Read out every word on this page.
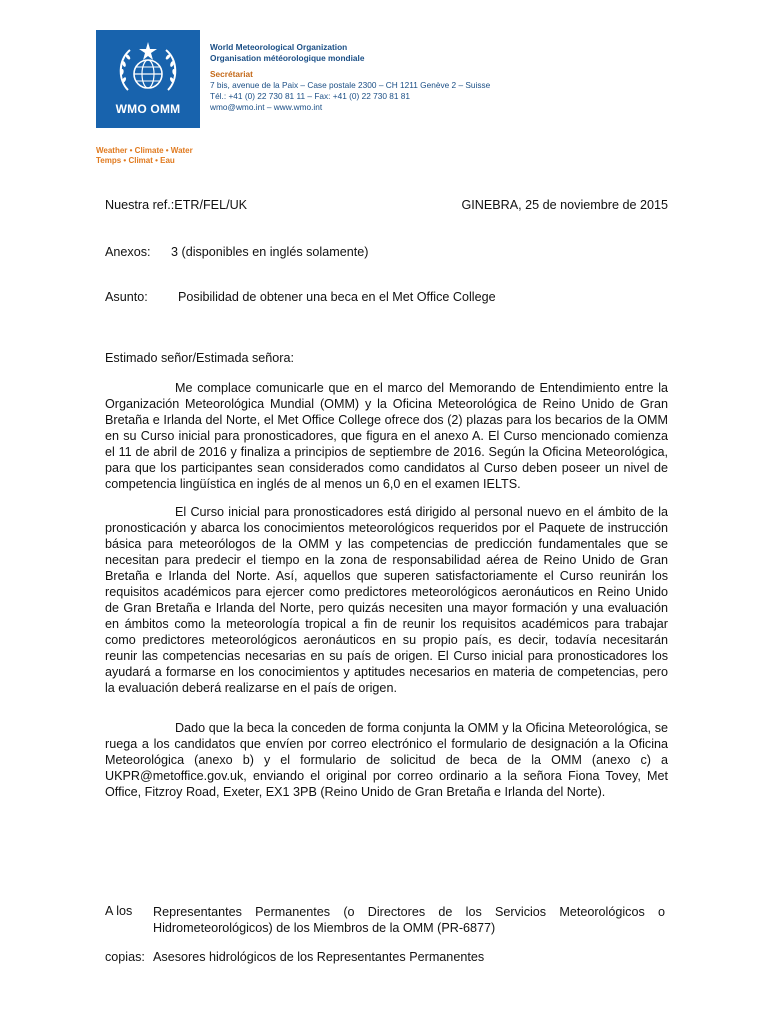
WMO OMM
Weather • Climate • Water
Temps • Climat • Eau
World Meteorological Organization
Organisation météorologique mondiale
Secrétariat
7 bis, avenue de la Paix – Case postale 2300 – CH 1211 Genève 2 – Suisse
Tél.: +41 (0) 22 730 81 11 – Fax: +41 (0) 22 730 81 81
wmo@wmo.int – www.wmo.int
Nuestra ref.:ETR/FEL/UK	GINEBRA, 25 de noviembre de 2015
Anexos: 3 (disponibles en inglés solamente)
Asunto: Posibilidad de obtener una beca en el Met Office College
Estimado señor/Estimada señora:
Me complace comunicarle que en el marco del Memorando de Entendimiento entre la Organización Meteorológica Mundial (OMM) y la Oficina Meteorológica de Reino Unido de Gran Bretaña e Irlanda del Norte, el Met Office College ofrece dos (2) plazas para los becarios de la OMM en su Curso inicial para pronosticadores, que figura en el anexo A. El Curso mencionado comienza el 11 de abril de 2016 y finaliza a principios de septiembre de 2016. Según la Oficina Meteorológica, para que los participantes sean considerados como candidatos al Curso deben poseer un nivel de competencia lingüística en inglés de al menos un 6,0 en el examen IELTS.
El Curso inicial para pronosticadores está dirigido al personal nuevo en el ámbito de la pronosticación y abarca los conocimientos meteorológicos requeridos por el Paquete de instrucción básica para meteorólogos de la OMM y las competencias de predicción fundamentales que se necesitan para predecir el tiempo en la zona de responsabilidad aérea de Reino Unido de Gran Bretaña e Irlanda del Norte. Así, aquellos que superen satisfactoriamente el Curso reunirán los requisitos académicos para ejercer como predictores meteorológicos aeronáuticos en Reino Unido de Gran Bretaña e Irlanda del Norte, pero quizás necesiten una mayor formación y una evaluación en ámbitos como la meteorología tropical a fin de reunir los requisitos académicos para trabajar como predictores meteorológicos aeronáuticos en su propio país, es decir, todavía necesitarán reunir las competencias necesarias en su país de origen. El Curso inicial para pronosticadores los ayudará a formarse en los conocimientos y aptitudes necesarios en materia de competencias, pero la evaluación deberá realizarse en el país de origen.
Dado que la beca la conceden de forma conjunta la OMM y la Oficina Meteorológica, se ruega a los candidatos que envíen por correo electrónico el formulario de designación a la Oficina Meteorológica (anexo b) y el formulario de solicitud de beca de la OMM (anexo c) a UKPR@metoffice.gov.uk, enviando el original por correo ordinario a la señora Fiona Tovey, Met Office, Fitzroy Road, Exeter, EX1 3PB (Reino Unido de Gran Bretaña e Irlanda del Norte).
A los Representantes Permanentes (o Directores de los Servicios Meteorológicos o Hidrometeorológicos) de los Miembros de la OMM (PR-6877)
copias: Asesores hidrológicos de los Representantes Permanentes
